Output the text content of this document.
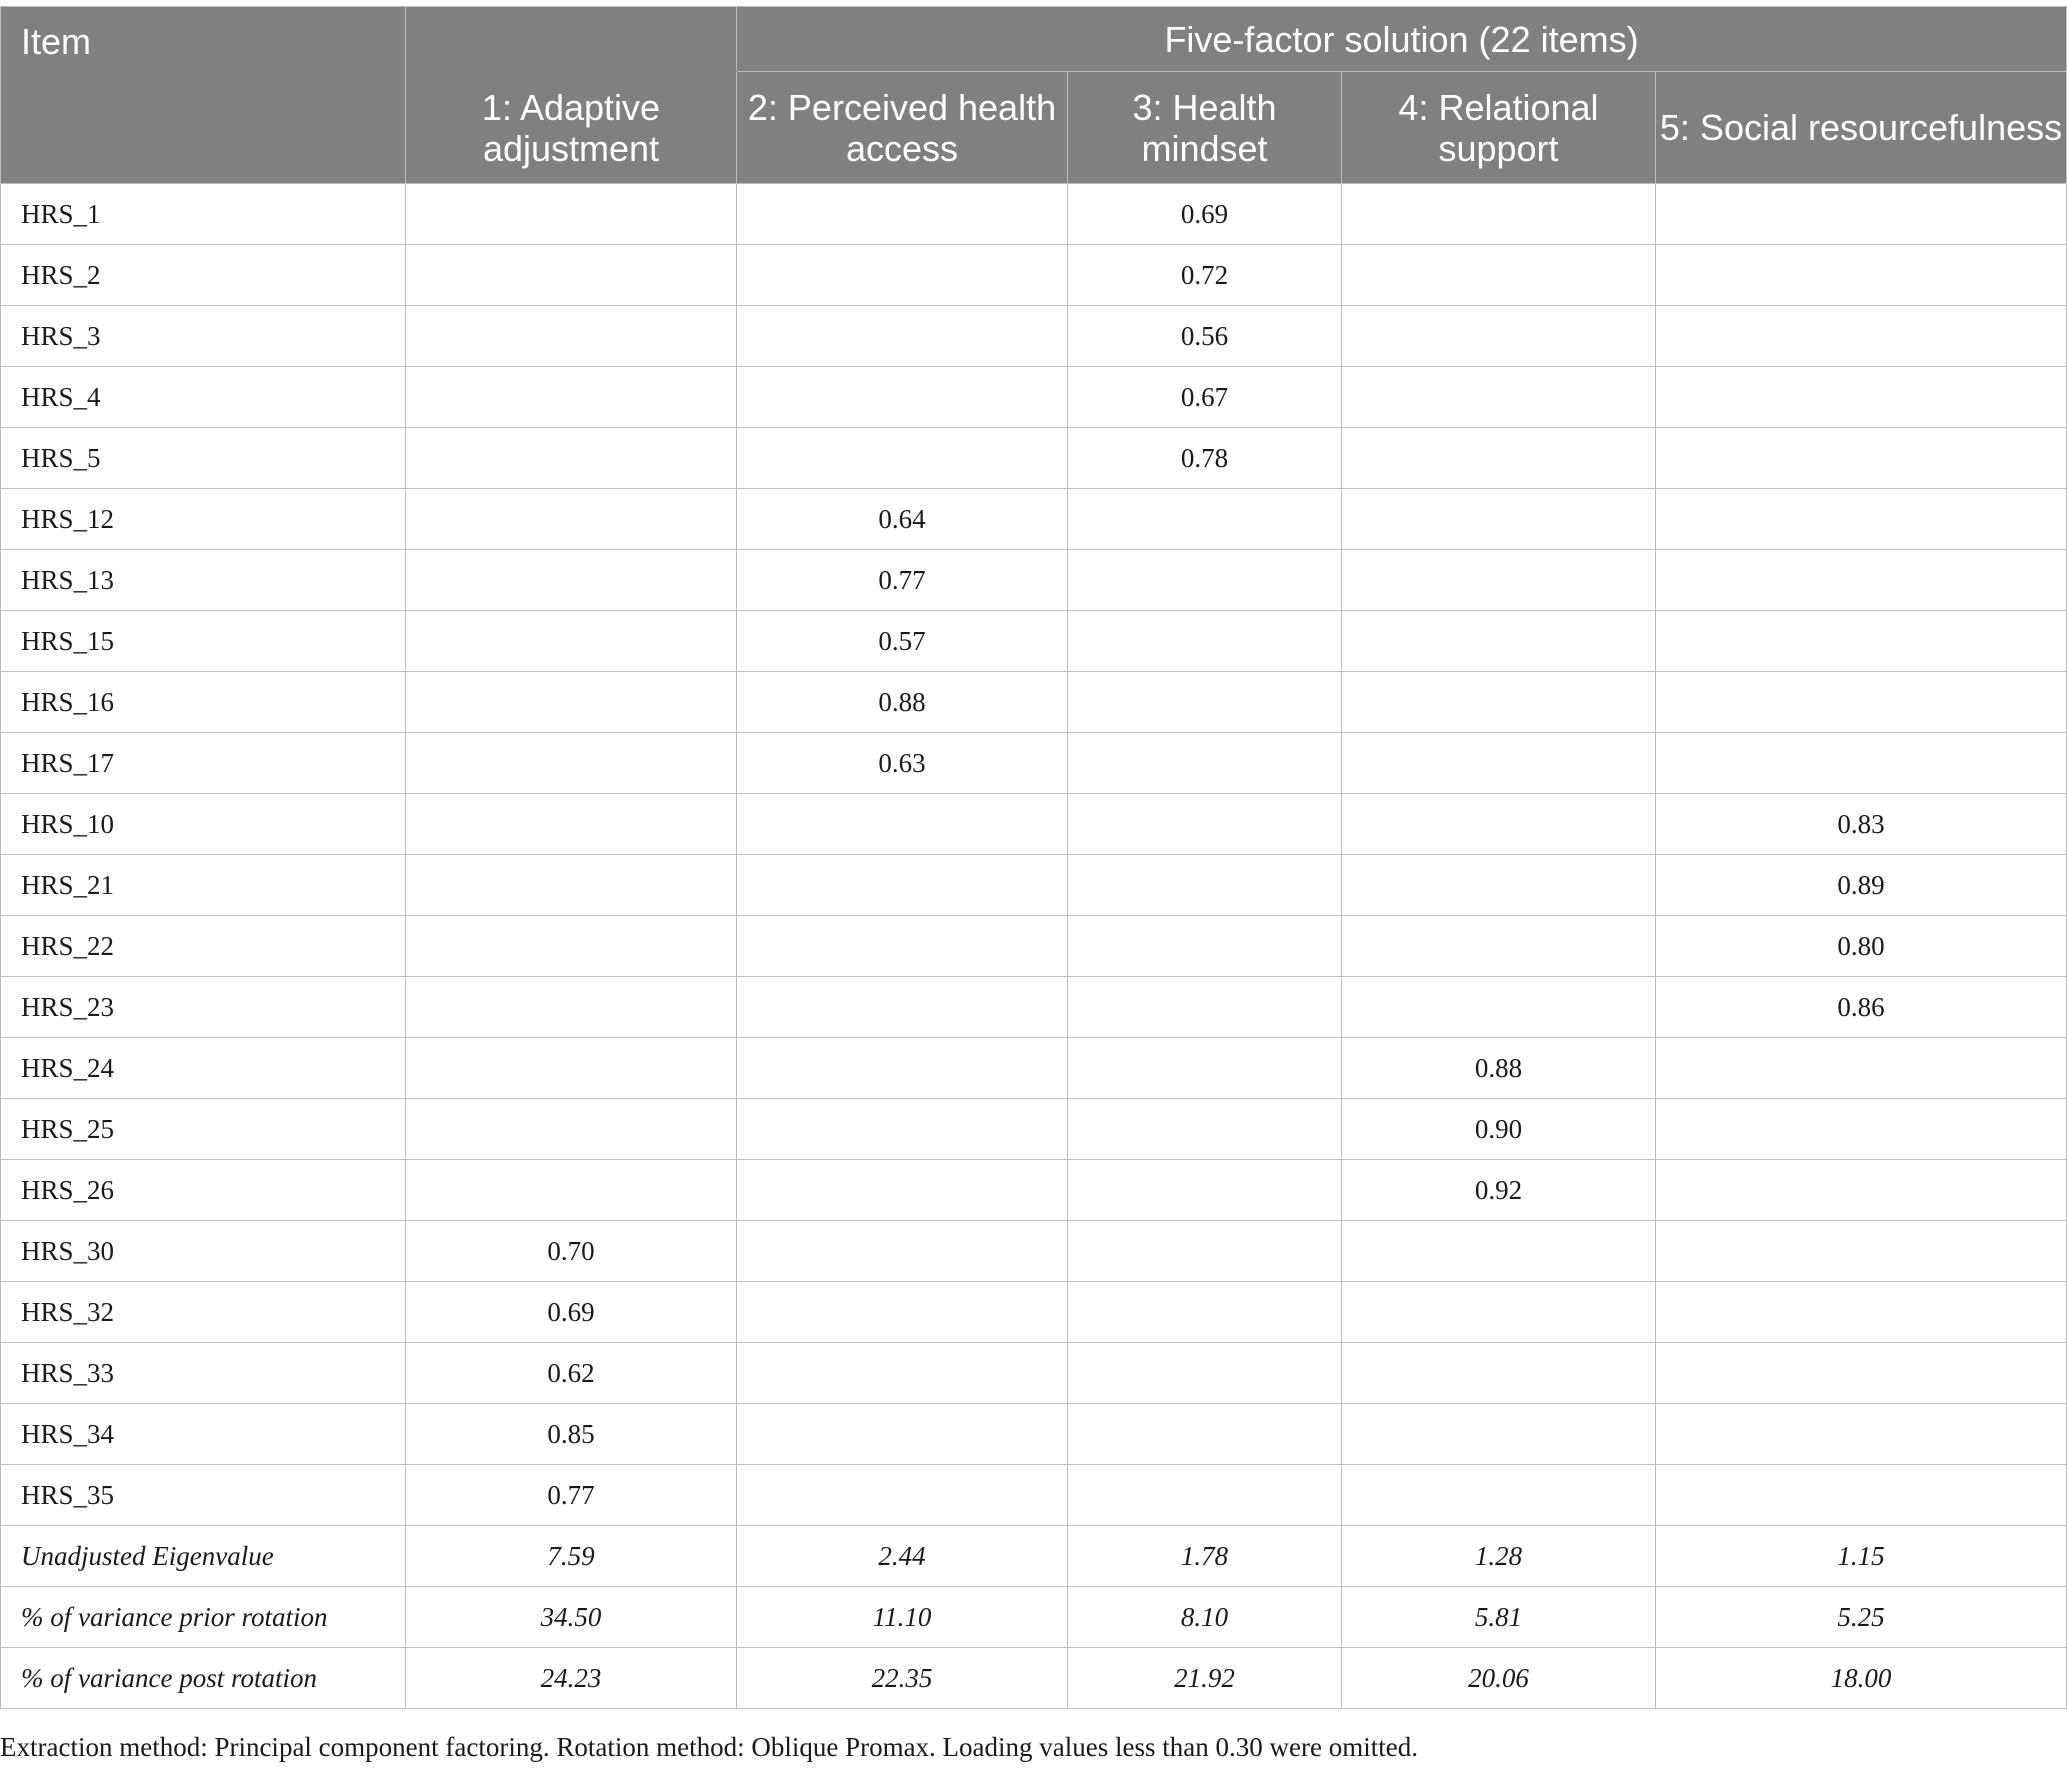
Item		Five-factor solution (22 items)			
	1: Adaptive adjustment	2: Perceived health access	3: Health mindset	4: Relational support	5: Social resourcefulness
HRS_1			0.69		
HRS_2			0.72		
HRS_3			0.56		
HRS_4			0.67		
HRS_5			0.78		
HRS_12		0.64			
HRS_13		0.77			
HRS_15		0.57			
HRS_16		0.88			
HRS_17		0.63			
HRS_10					0.83
HRS_21					0.89
HRS_22					0.80
HRS_23					0.86
HRS_24				0.88	
HRS_25				0.90	
HRS_26				0.92	
HRS_30	0.70				
HRS_32	0.69				
HRS_33	0.62				
HRS_34	0.85				
HRS_35	0.77				
Unadjusted Eigenvalue	7.59	2.44	1.78	1.28	1.15
% of variance prior rotation	34.50	11.10	8.10	5.81	5.25
% of variance post rotation	24.23	22.35	21.92	20.06	18.00
Extraction method: Principal component factoring. Rotation method: Oblique Promax. Loading values less than 0.30 were omitted.
